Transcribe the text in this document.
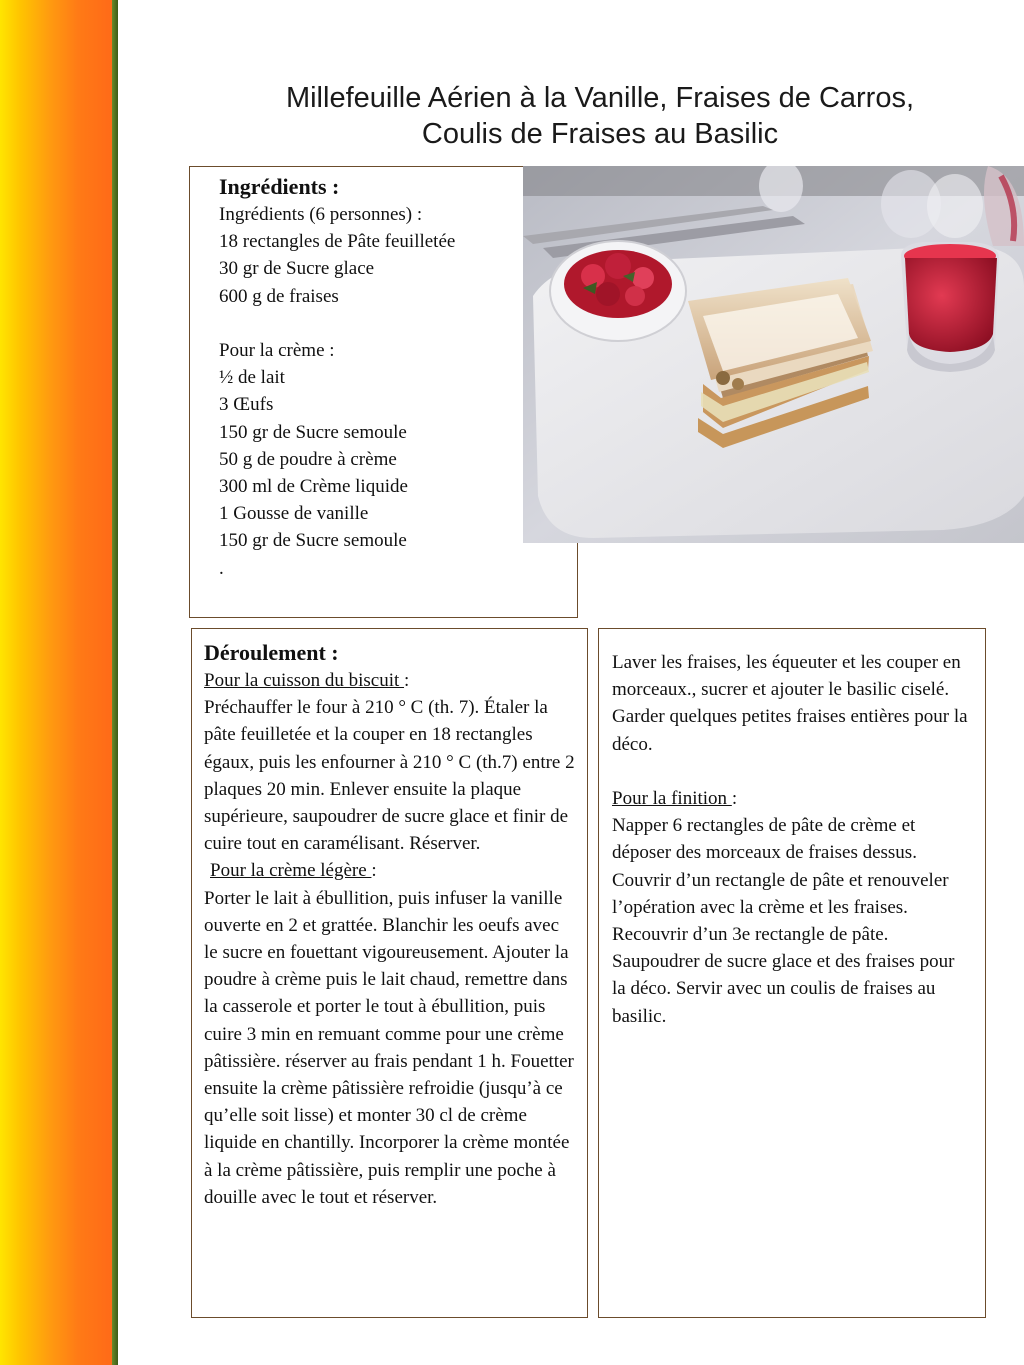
Millefeuille Aérien à la Vanille, Fraises de Carros,
Coulis de Fraises au Basilic
Ingrédients :
Ingrédients (6 personnes) :
18 rectangles de Pâte feuilletée
30 gr de Sucre glace
600 g de fraises
Pour la crème :
½ de lait
3 Œufs
150 gr de Sucre semoule
50 g de poudre à crème
300 ml de Crème liquide
1 Gousse de vanille
150 gr de Sucre semoule
.
Déroulement :
Pour la cuisson du biscuit :
Préchauffer le four à 210 ° C (th. 7). Étaler la pâte feuilletée et la couper en 18 rectangles égaux, puis les enfourner à 210 ° C (th.7) entre 2 plaques 20 min. Enlever ensuite la plaque supérieure, saupoudrer de sucre glace et finir de cuire tout en caramélisant. Réserver.
Pour la crème légère :
Porter le lait à ébullition, puis infuser la vanille ouverte en 2 et grattée. Blanchir les oeufs avec le sucre en fouettant vigoureusement. Ajouter la poudre à crème puis le lait chaud, remettre dans la casserole et porter le tout à ébullition, puis cuire 3 min en remuant comme pour une crème pâtissière. réserver au frais pendant 1 h. Fouetter ensuite la crème pâtissière refroidie (jusqu’à ce qu’elle soit lisse) et monter 30 cl de crème liquide en chantilly. Incorporer la crème montée à la crème pâtissière, puis remplir une poche à douille avec le tout et réserver.
Laver les fraises, les équeuter et les couper en morceaux., sucrer et ajouter le basilic ciselé.
Garder quelques petites fraises entières pour la déco.
Pour la finition :
Napper 6 rectangles de pâte de crème et déposer des morceaux de fraises dessus. Couvrir d’un rectangle de pâte et renouveler l’opération avec la crème et les fraises. Recouvrir d’un 3e rectangle de pâte. Saupoudrer de sucre glace et des fraises pour la déco. Servir avec un coulis de fraises au basilic.
